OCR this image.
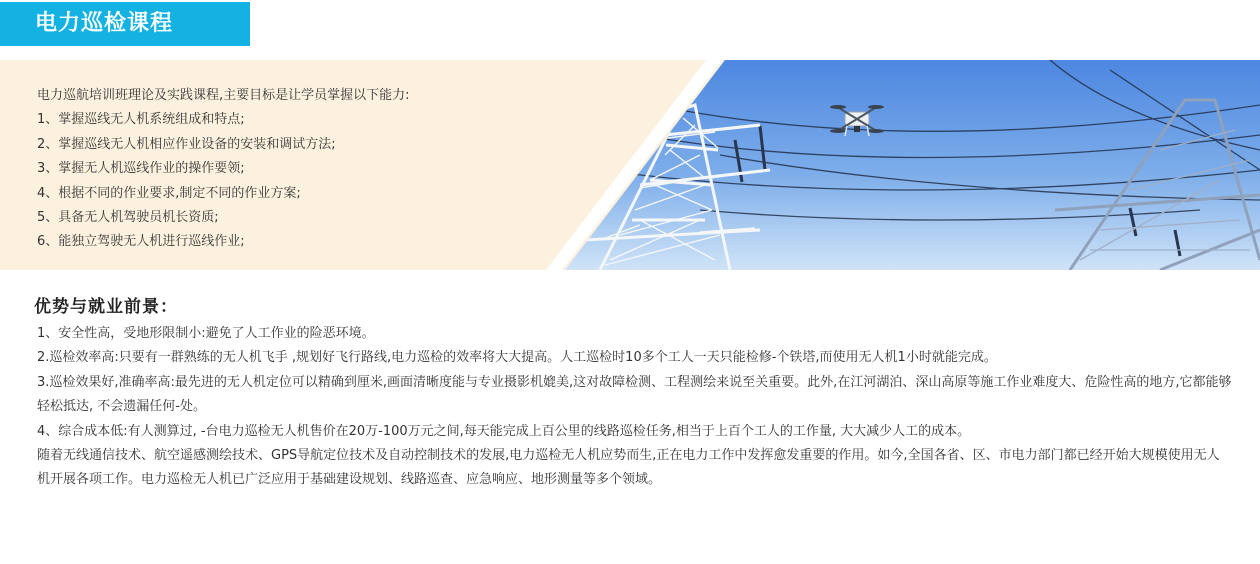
电力巡检课程
电力巡航培训班理论及实践课程,主要目标是让学员掌握以下能力:
1、掌握巡线无人机系统组成和特点;
2、掌握巡线无人机相应作业设备的安装和调试方法;
3、掌握无人机巡线作业的操作要领;
4、根据不同的作业要求,制定不同的作业方案;
5、具备无人机驾驶员机长资质;
6、能独立驾驶无人机进行巡线作业;
优势与就业前景：

1、安全性高，受地形限制小:避免了人工作业的险恶环境。

2.巡检效率高:只要有一群熟练的无人机飞手 ,规划好飞行路线,电力巡检的效率将大大提高。人工巡检时10多个工人一天只能检修-个铁塔,而使用无人机1小时就能完成。

3.巡检效果好,准确率高:最先进的无人机定位可以精确到厘米,画面清晰度能与专业摄影机媲美,这对故障检测、工程测绘来说至关重要。此外,在江河湖泊、深山高原等施工作业难度大、危险性高的地方,它都能够轻松抵达, 不会遗漏任何-处。

4、综合成本低:有人测算过, -台电力巡检无人机售价在20万-100万元之间,每天能完成上百公里的线路巡检任务,相当于上百个工人的工作量, 大大减少人工的成本。

随着无线通信技术、航空遥感测绘技术、GPS导航定位技术及自动控制技术的发展,电力巡检无人机应势而生,正在电力工作中发挥愈发重要的作用。如今,全国各省、区、市电力部门都已经开始大规模使用无人机开展各项工作。电力巡检无人机已广泛应用于基础建设规划、线路巡查、应急响应、地形测量等多个领域。
